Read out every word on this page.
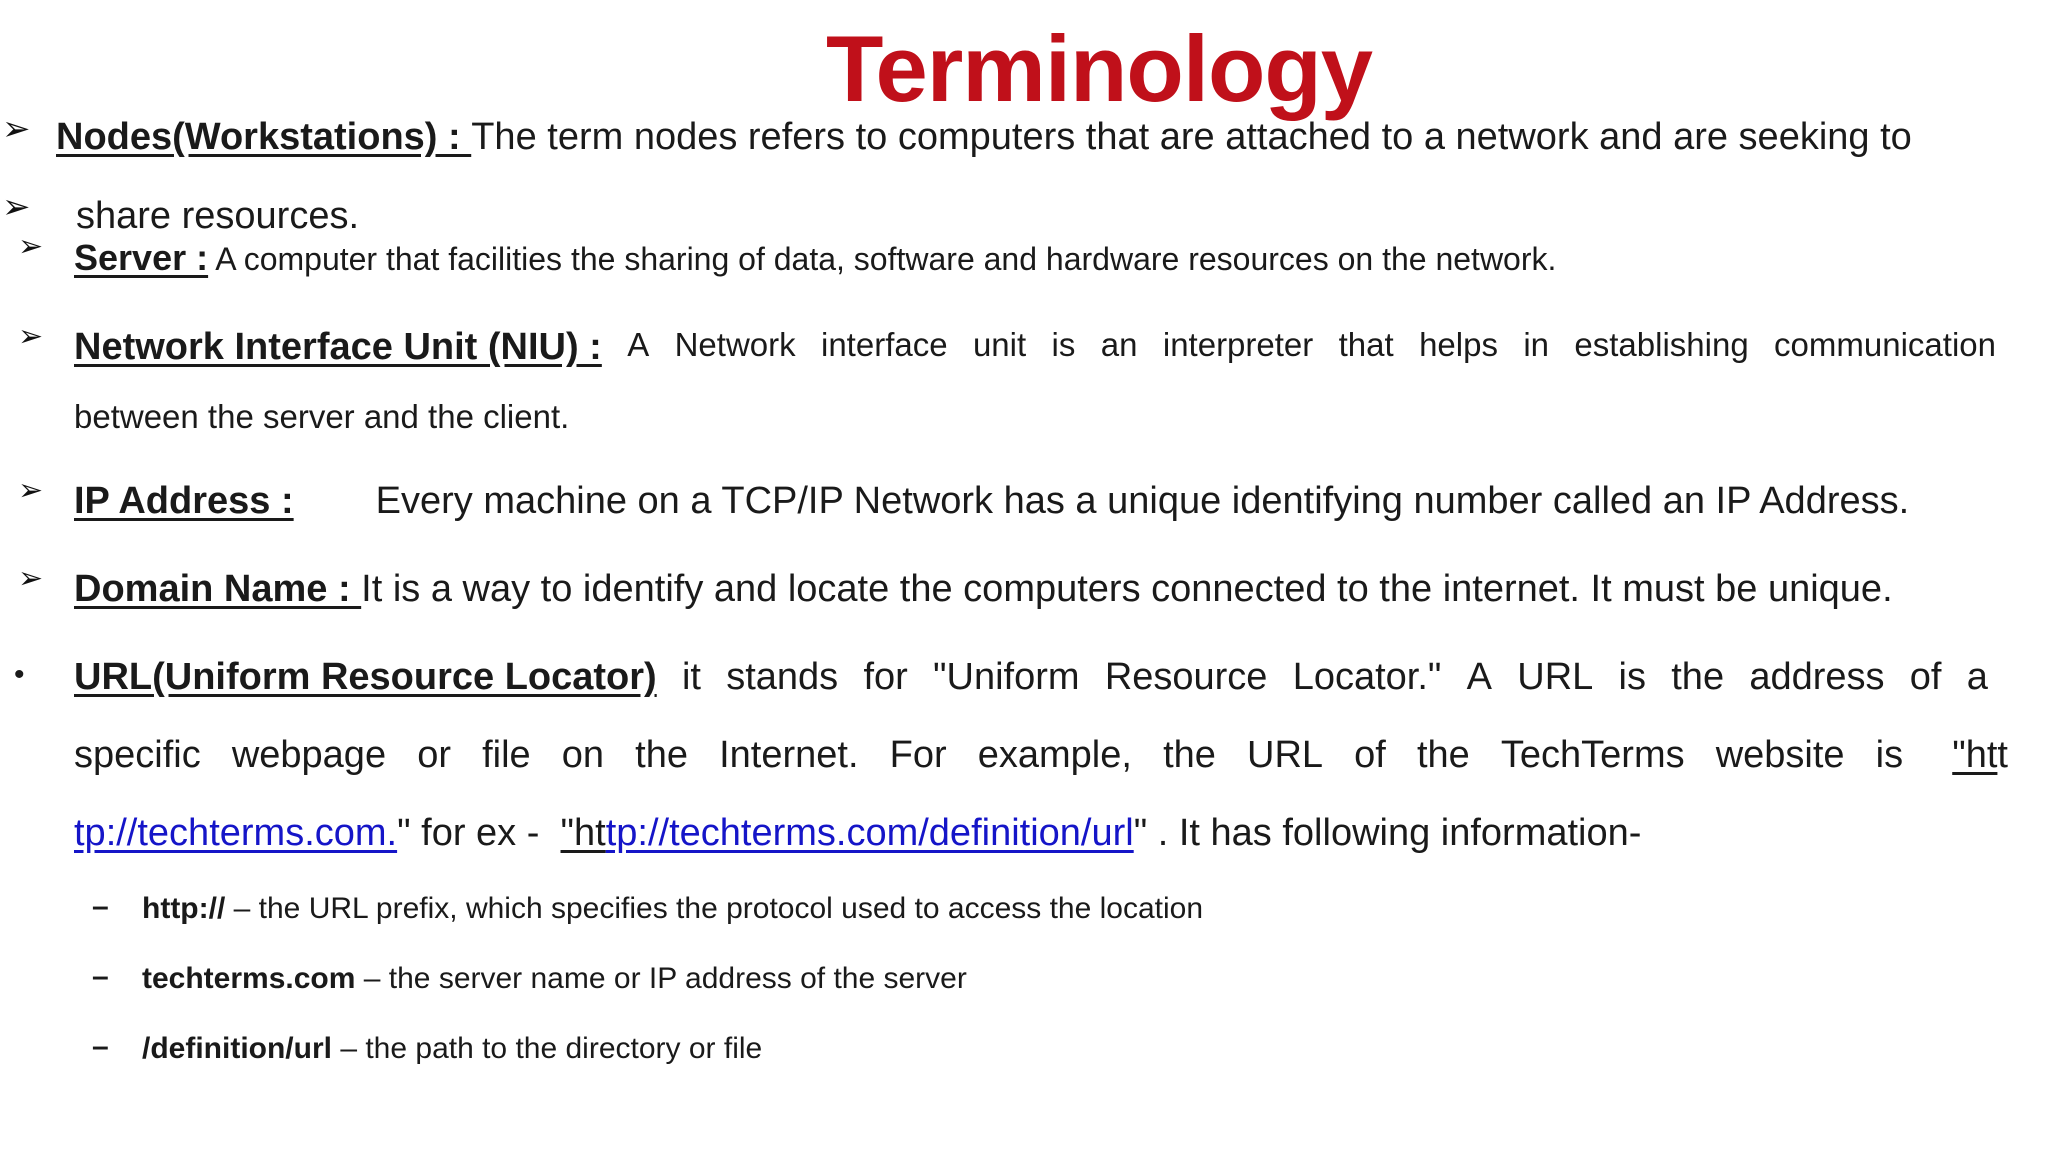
Terminology
➢ Nodes(Workstations) : The term nodes refers to computers that are attached to a network and are seeking to
➢ share resources.
➢ Server : A computer that facilities the sharing of data, software and hardware resources on the network.
➢ Network Interface Unit (NIU) : A Network interface unit is an interpreter that helps in establishing communication
between the server and the client.
➢ IP Address : Every machine on a TCP/IP Network has a unique identifying number called an IP Address.
➢ Domain Name : It is a way to identify and locate the computers connected to the internet. It must be unique.
• URL(Uniform Resource Locator) it stands for "Uniform Resource Locator." A URL is the address of a
specific webpage or file on the Internet. For example, the URL of the TechTerms website is "htt
tp://techterms.com." for ex -  "http://techterms.com/definition/url" . It has following information-
– http:// – the URL prefix, which specifies the protocol used to access the location
– techterms.com – the server name or IP address of the server
– /definition/url – the path to the directory or file
